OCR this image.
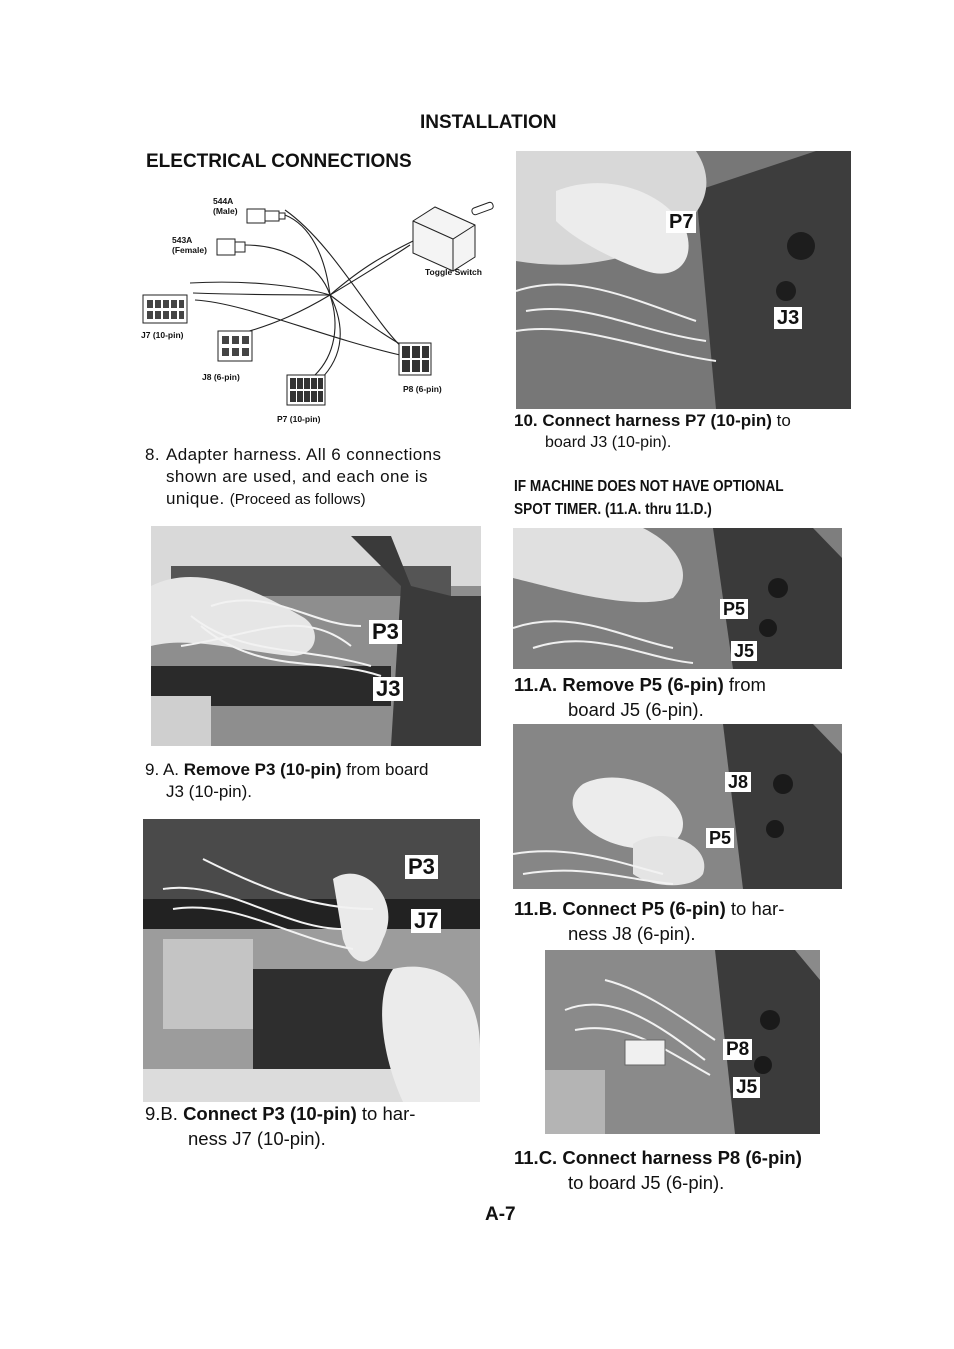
INSTALLATION
ELECTRICAL CONNECTIONS
544A
(Male)
543A
(Female)
Toggle Switch
J7 (10-pin)
J8 (6-pin)
P7 (10-pin)
P8 (6-pin)
8. Adapter harness. All 6 connections
shown are used, and each one is
unique. (Proceed as follows)
P3
J3
9. A. Remove P3 (10-pin) from board
J3 (10-pin).
P3
J7
9.B. Connect P3 (10-pin) to har-
ness J7 (10-pin).
P7
J3
10. Connect harness P7 (10-pin) to
board J3 (10-pin).
IF MACHINE DOES NOT HAVE OPTIONAL
SPOT TIMER. (11.A. thru 11.D.)
P5
J5
11.A. Remove P5 (6-pin) from
board J5 (6-pin).
J8
P5
11.B. Connect P5 (6-pin) to har-
ness J8 (6-pin).
P8
J5
11.C. Connect harness P8 (6-pin)
to board J5 (6-pin).
A-7
